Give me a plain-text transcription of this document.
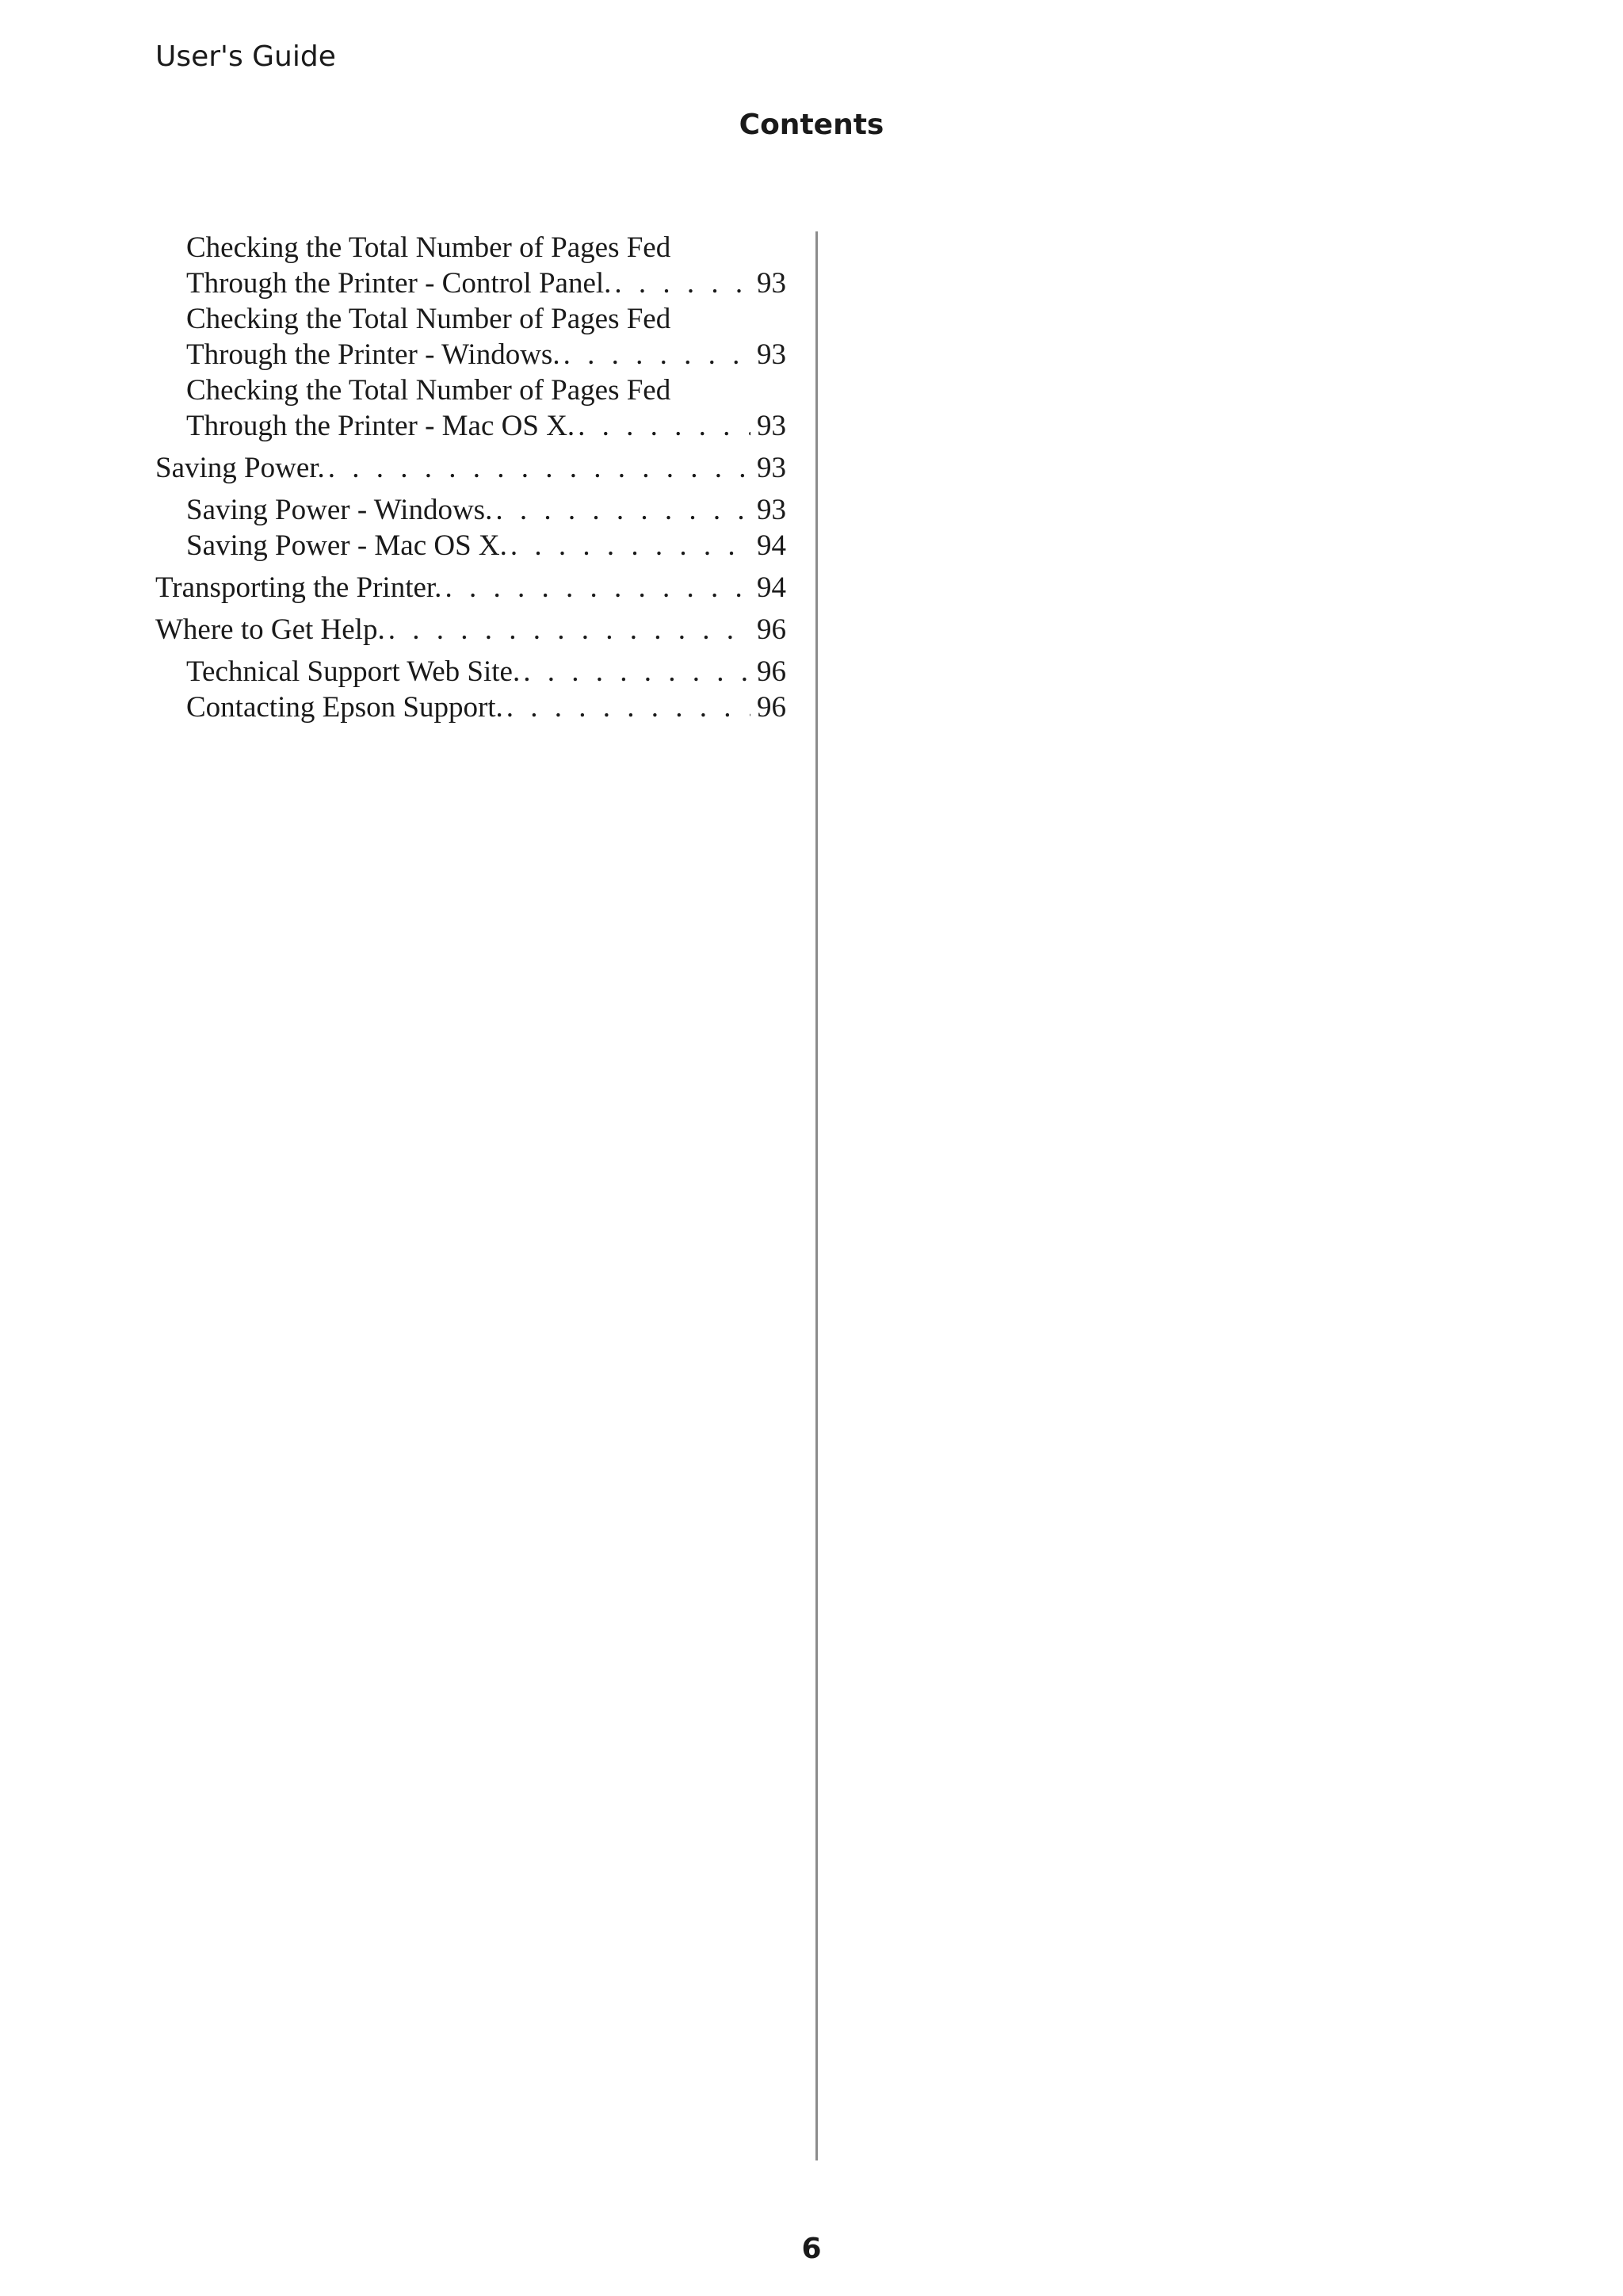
User's Guide
Contents
Checking the Total Number of Pages Fed
Through the Printer - Control Panel. . . .	93
Checking the Total Number of Pages Fed
Through the Printer - Windows. . . .	93
Checking the Total Number of Pages Fed
Through the Printer - Mac OS X. . . .	93
Saving Power. . . .	93
Saving Power - Windows. . . .	93
Saving Power - Mac OS X. . . .	94
Transporting the Printer. . . .	94
Where to Get Help. . . .	96
Technical Support Web Site. . . .	96
Contacting Epson Support. . . .	96
6
